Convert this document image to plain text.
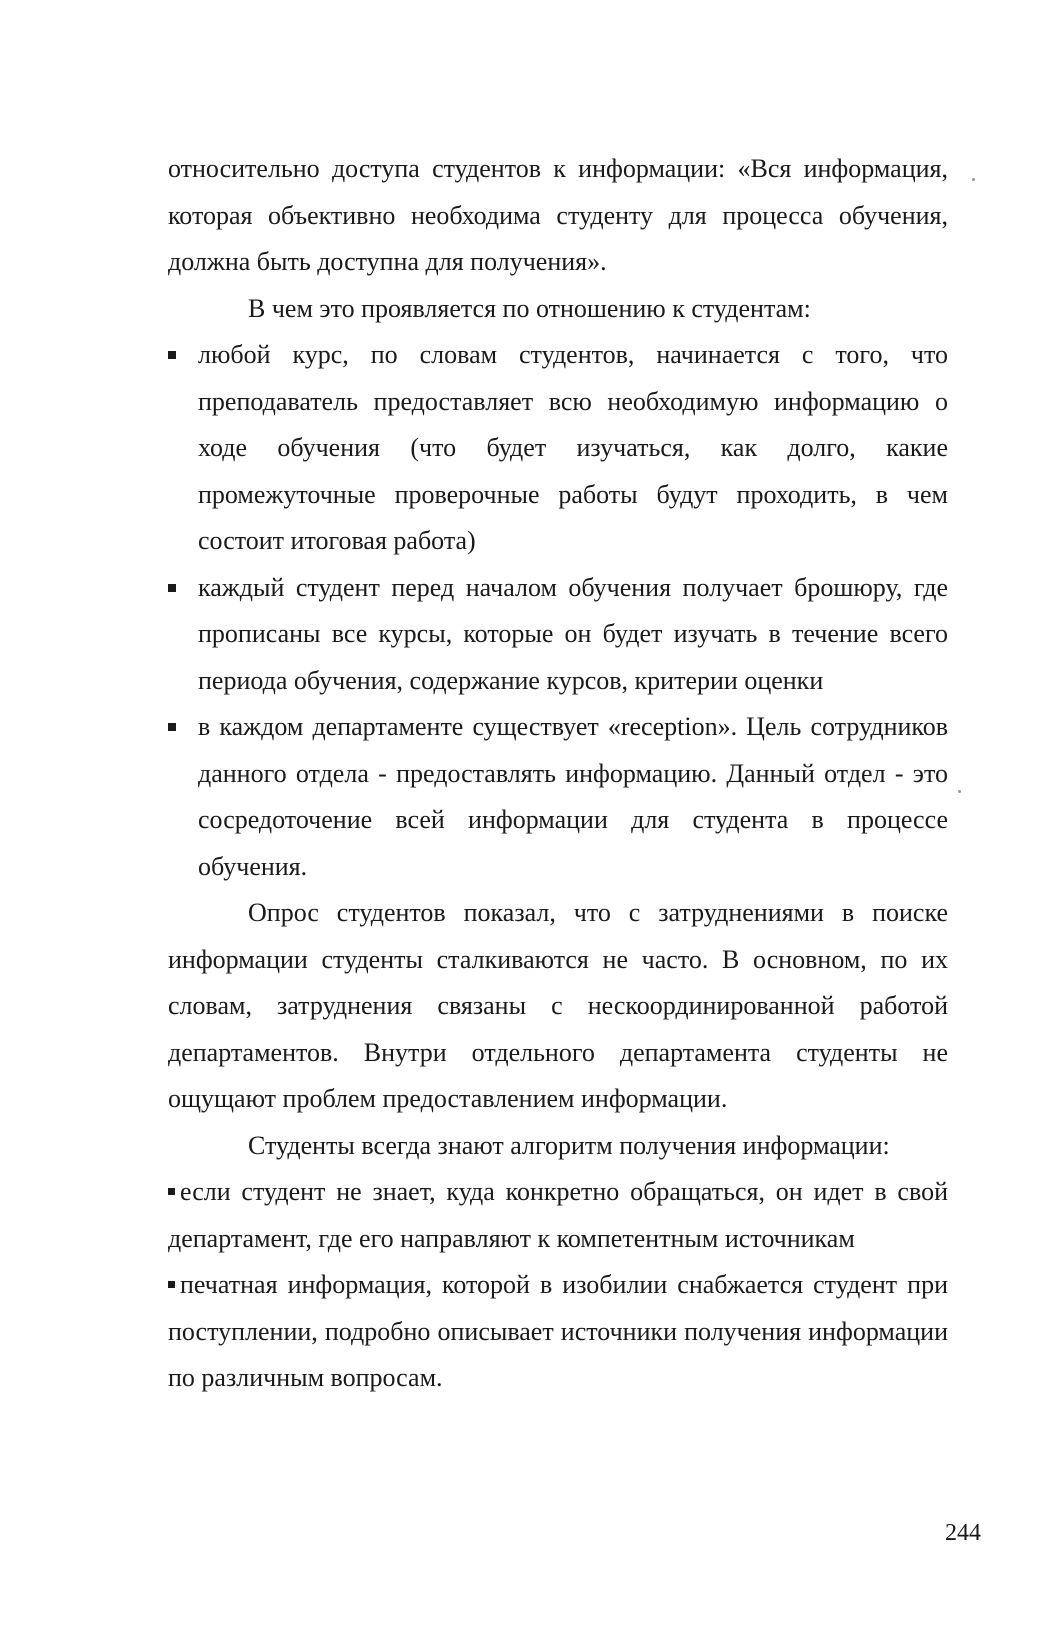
относительно доступа студентов к информации: «Вся информация, которая объективно необходима студенту для процесса обучения, должна быть доступна для получения».

В чем это проявляется по отношению к студентам:

любой курс, по словам студентов, начинается с того, что преподаватель предоставляет всю необходимую информацию о ходе обучения (что будет изучаться, как долго, какие промежуточные проверочные работы будут проходить, в чем состоит итоговая работа)
каждый студент перед началом обучения получает брошюру, где прописаны все курсы, которые он будет изучать в течение всего периода обучения, содержание курсов, критерии оценки
в каждом департаменте существует «reception». Цель сотрудников данного отдела - предоставлять информацию. Данный отдел - это сосредоточение всей информации для студента в процессе обучения.

Опрос студентов показал, что с затруднениями в поиске информации студенты сталкиваются не часто. В основном, по их словам, затруднения связаны с нескоординированной работой департаментов. Внутри отдельного департамента студенты не ощущают проблем предоставлением информации.

Студенты всегда знают алгоритм получения информации:

если студент не знает, куда конкретно обращаться, он идет в свой департамент, где его направляют к компетентным источникам

печатная информация, которой в изобилии снабжается студент при поступлении, подробно описывает источники получения информации по различным вопросам.

244
